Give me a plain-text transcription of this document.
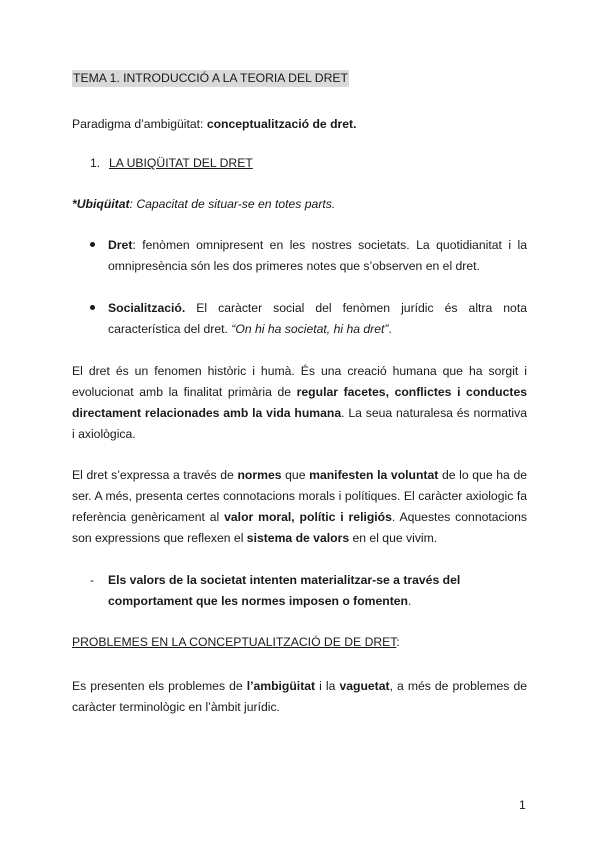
TEMA 1. INTRODUCCIÓ A LA TEORIA DEL DRET
Paradigma d’ambigüitat: conceptualització de dret.
1. LA UBIQÜITAT DEL DRET
*Ubiqüitat: Capacitat de situar-se en totes parts.
Dret: fenòmen omnipresent en les nostres societats. La quotidianitat i la omnipresència són les dos primeres notes que s’observen en el dret.
Socialització. El caràcter social del fenòmen jurídic és altra nota característica del dret. “On hi ha societat, hi ha dret”.
El dret és un fenomen històric i humà. És una creació humana que ha sorgit i evolucionat amb la finalitat primària de regular facetes, conflictes i conductes directament relacionades amb la vida humana. La seua naturalesa és normativa i axiològica.
El dret s’expressa a través de normes que manifesten la voluntat de lo que ha de ser. A més, presenta certes connotacions morals i polítiques. El caràcter axiologic fa referència genèricament al valor moral, polític i religiós. Aquestes connotacions son expressions que reflexen el sistema de valors en el que vivim.
- Els valors de la societat intenten materialitzar-se a través del comportament que les normes imposen o fomenten.
PROBLEMES EN LA CONCEPTUALITZACIÓ DE DE DRET:
Es presenten els problemes de l’ambigüitat i la vaguetat, a més de problemes de caràcter terminològic en l’àmbit jurídic.
1
